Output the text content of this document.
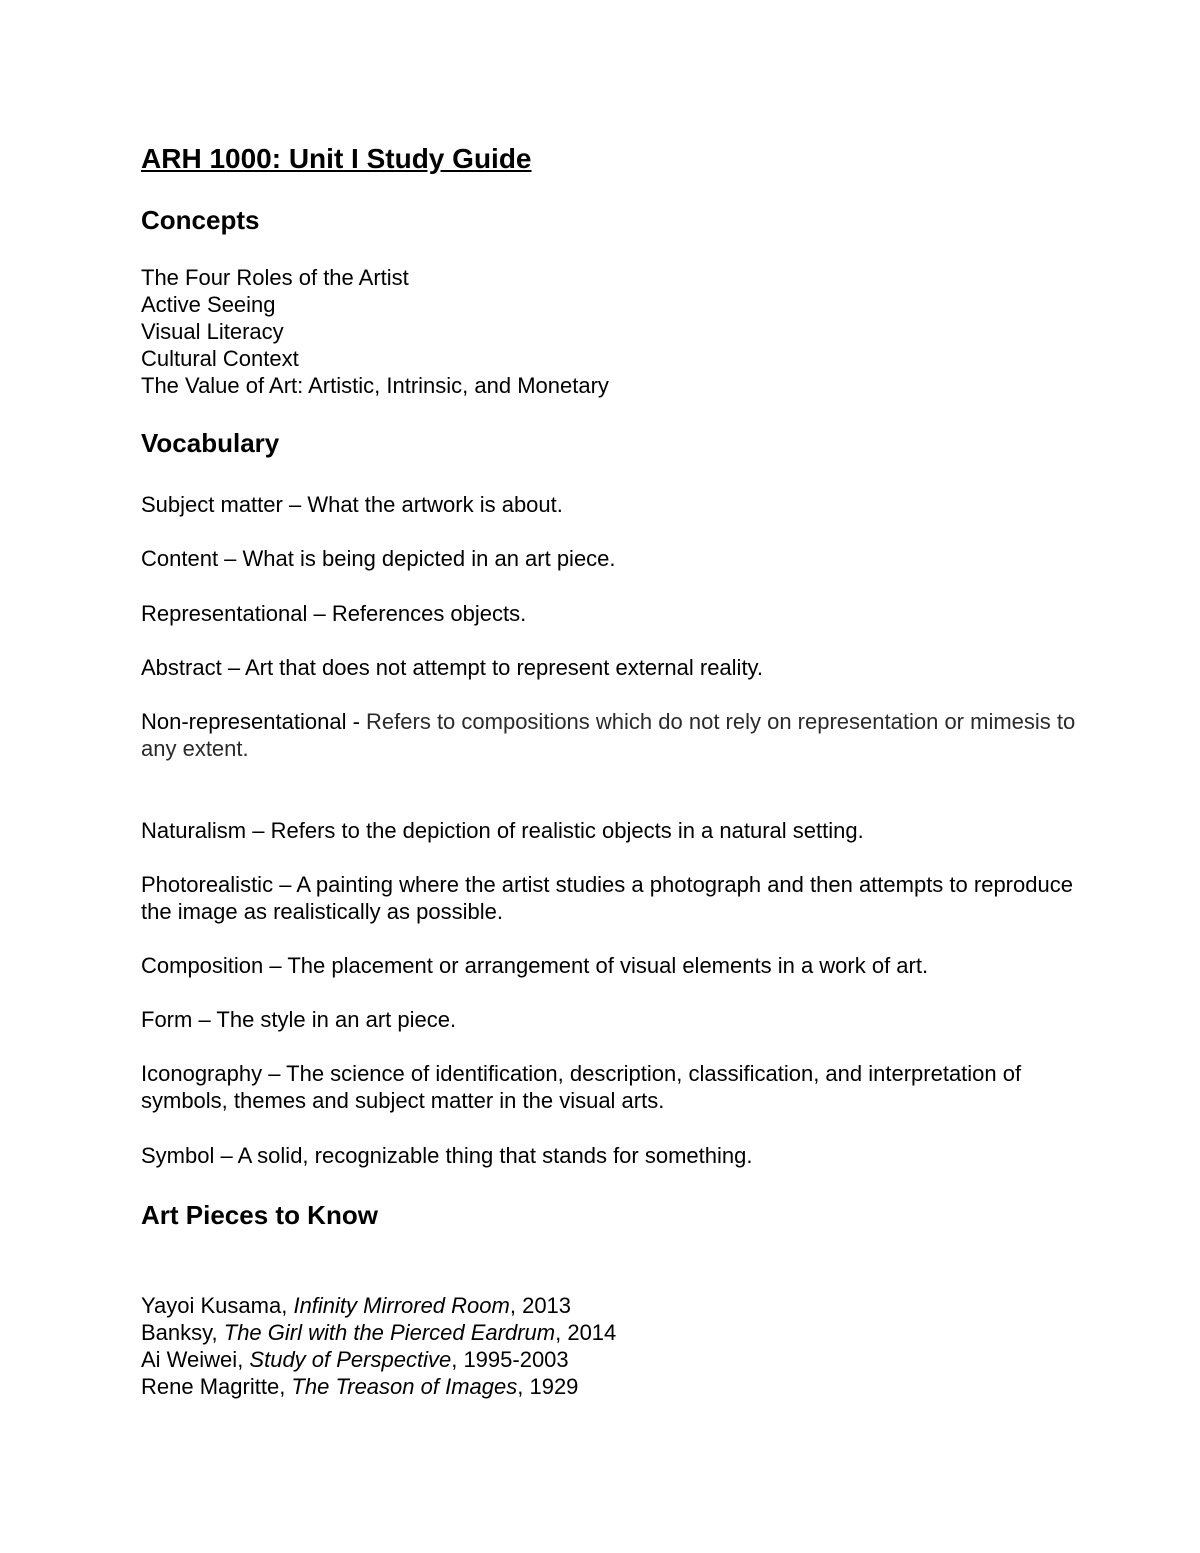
ARH 1000: Unit I Study Guide
Concepts

The Four Roles of the Artist

Active Seeing

Visual Literacy

Cultural Context

The Value of Art: Artistic, Intrinsic, and Monetary

Vocabulary

Subject matter – What the artwork is about.

Content – What is being depicted in an art piece.

Representational – References objects.

Abstract – Art that does not attempt to represent external reality.

Non-representational - Refers to compositions which do not rely on representation or mimesis to any extent.

Naturalism – Refers to the depiction of realistic objects in a natural setting.

Photorealistic – A painting where the artist studies a photograph and then attempts to reproduce the image as realistically as possible.

Composition – The placement or arrangement of visual elements in a work of art.

Form – The style in an art piece.

Iconography – The science of identification, description, classification, and interpretation of symbols, themes and subject matter in the visual arts.

Symbol – A solid, recognizable thing that stands for something.

Art Pieces to Know

Yayoi Kusama, Infinity Mirrored Room, 2013

Banksy, The Girl with the Pierced Eardrum, 2014

Ai Weiwei, Study of Perspective, 1995-2003

Rene Magritte, The Treason of Images, 1929
